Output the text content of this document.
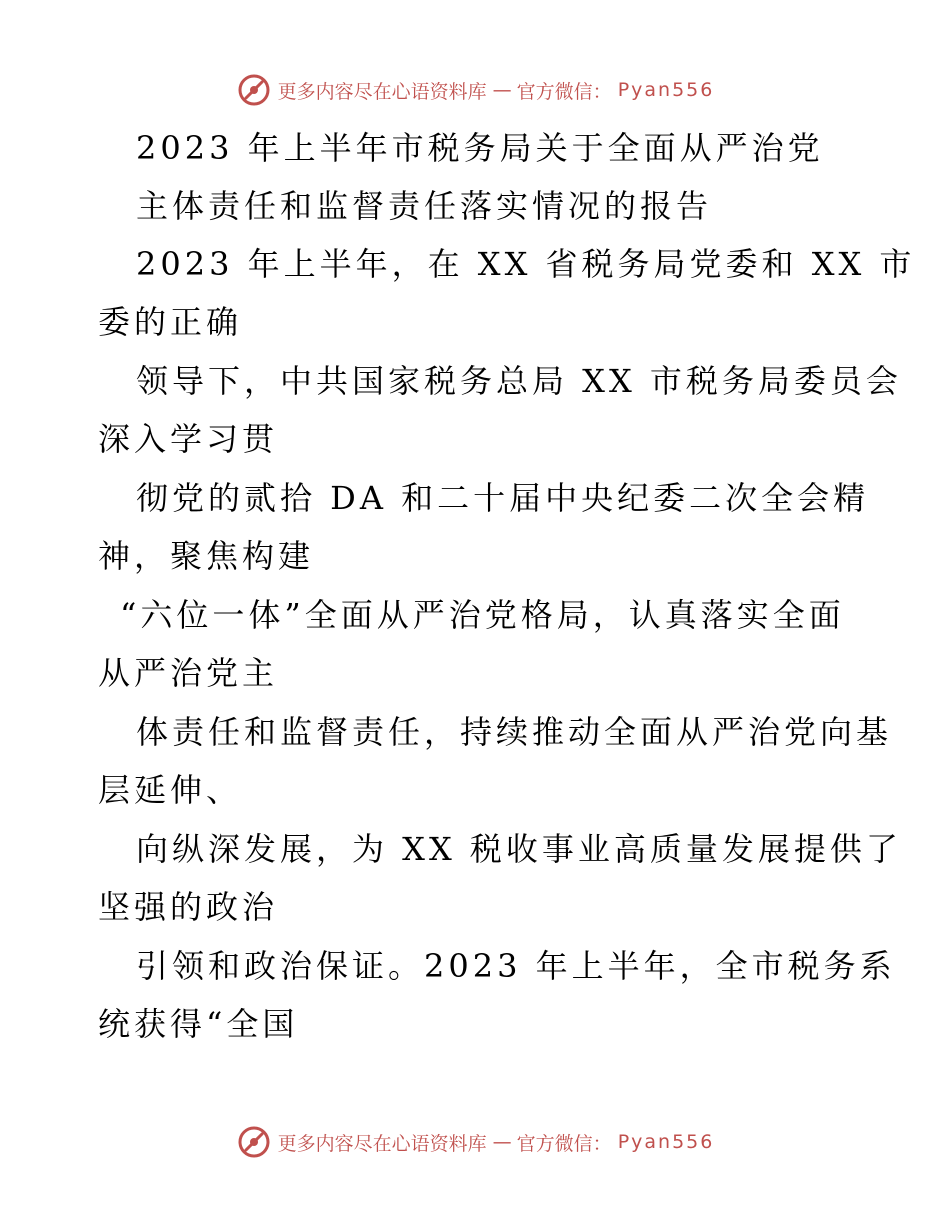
更多内容尽在心语资料库 — 官方微信： Pyan556
2023 年上半年市税务局关于全面从严治党
主体责任和监督责任落实情况的报告
2023 年上半年，在 XX 省税务局党委和 XX 市
委的正确
领导下，中共国家税务总局 XX 市税务局委员会
深入学习贯
彻党的贰拾 DA 和二十届中央纪委二次全会精
神，聚焦构建
“六位一体”全面从严治党格局，认真落实全面
从严治党主
体责任和监督责任，持续推动全面从严治党向基
层延伸、
向纵深发展，为 XX 税收事业高质量发展提供了
坚强的政治
引领和政治保证。2023 年上半年，全市税务系
统获得“全国
更多内容尽在心语资料库 — 官方微信： Pyan556
